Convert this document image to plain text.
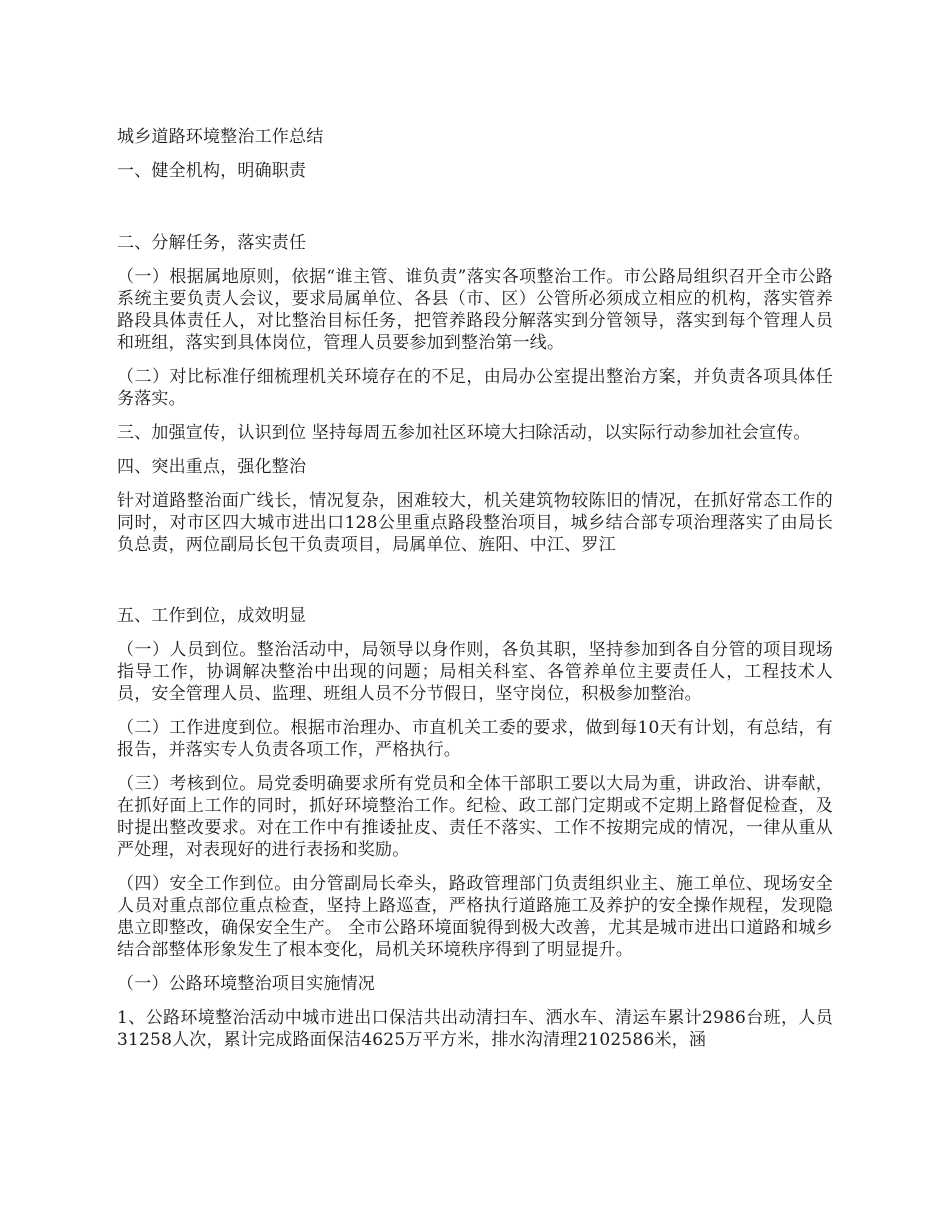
城乡道路环境整治工作总结

一、健全机构，明确职责

二、分解任务，落实责任

（一）根据属地原则，依据“谁主管、谁负责”落实各项整治工作。市公路局组织召开全市公路系统主要负责人会议，要求局属单位、各县（市、区）公管所必须成立相应的机构，落实管养路段具体责任人，对比整治目标任务，把管养路段分解落实到分管领导，落实到每个管理人员和班组，落实到具体岗位，管理人员要参加到整治第一线。

（二）对比标准仔细梳理机关环境存在的不足，由局办公室提出整治方案，并负责各项具体任务落实。

三、加强宣传，认识到位 坚持每周五参加社区环境大扫除活动，以实际行动参加社会宣传。

四、突出重点，强化整治

针对道路整治面广线长，情况复杂，困难较大，机关建筑物较陈旧的情况，在抓好常态工作的同时，对市区四大城市进出口128公里重点路段整治项目，城乡结合部专项治理落实了由局长负总责，两位副局长包干负责项目，局属单位、旌阳、中江、罗江

五、工作到位，成效明显

（一）人员到位。整治活动中，局领导以身作则，各负其职，坚持参加到各自分管的项目现场指导工作，协调解决整治中出现的问题；局相关科室、各管养单位主要责任人，工程技术人员，安全管理人员、监理、班组人员不分节假日，坚守岗位，积极参加整治。

（二）工作进度到位。根据市治理办、市直机关工委的要求，做到每10天有计划，有总结，有报告，并落实专人负责各项工作，严格执行。

（三）考核到位。局党委明确要求所有党员和全体干部职工要以大局为重，讲政治、讲奉献，在抓好面上工作的同时，抓好环境整治工作。纪检、政工部门定期或不定期上路督促检查，及时提出整改要求。对在工作中有推诿扯皮、责任不落实、工作不按期完成的情况，一律从重从严处理，对表现好的进行表扬和奖励。

（四）安全工作到位。由分管副局长牵头，路政管理部门负责组织业主、施工单位、现场安全人员对重点部位重点检查，坚持上路巡查，严格执行道路施工及养护的安全操作规程，发现隐患立即整改，确保安全生产。 全市公路环境面貌得到极大改善，尤其是城市进出口道路和城乡结合部整体形象发生了根本变化，局机关环境秩序得到了明显提升。

（一）公路环境整治项目实施情况

1、公路环境整治活动中城市进出口保洁共出动清扫车、洒水车、清运车累计2986台班，人员31258人次，累计完成路面保洁4625万平方米，排水沟清理2102586米，涵
